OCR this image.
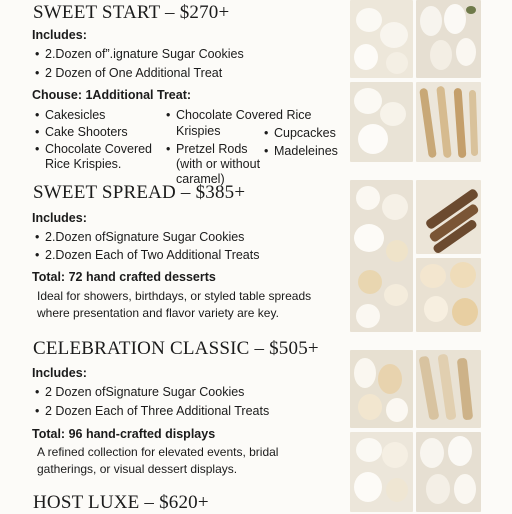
SWEET START – $270+
Includes:
• 2.Dozen of”.ignature Sugar Cookies
• 2 Dozen of One Additional Treat
Chouse: 1Additional Treat:
• Cakesicles
• Cake Shooters
• Chocolate Covered
Rice Krispies.
• Chocolate Covered Rice
Krispies
• Pretzel Rods
(with or without
caramel)
• Cupcackes
• Madeleines
SWEET SPREAD – $385+
Includes:
• 2.Dozen ofSignature Sugar Cookies
• 2.Dozen Each of Two Additional Treats
Total: 72 hand crafted desserts
Ideal for showers, birthdays, or styled table spreads where presentation and flavor variety are key.
CELEBRATION CLASSIC – $505+
Includes:
• 2 Dozen ofSignature Sugar Cookies
• 2 Dozen Each of Three Additional Treats
Total: 96 hand-crafted displays
A refined collection for elevated events, bridal gatherings, or visual dessert displays.
HOST LUXE – $620+
